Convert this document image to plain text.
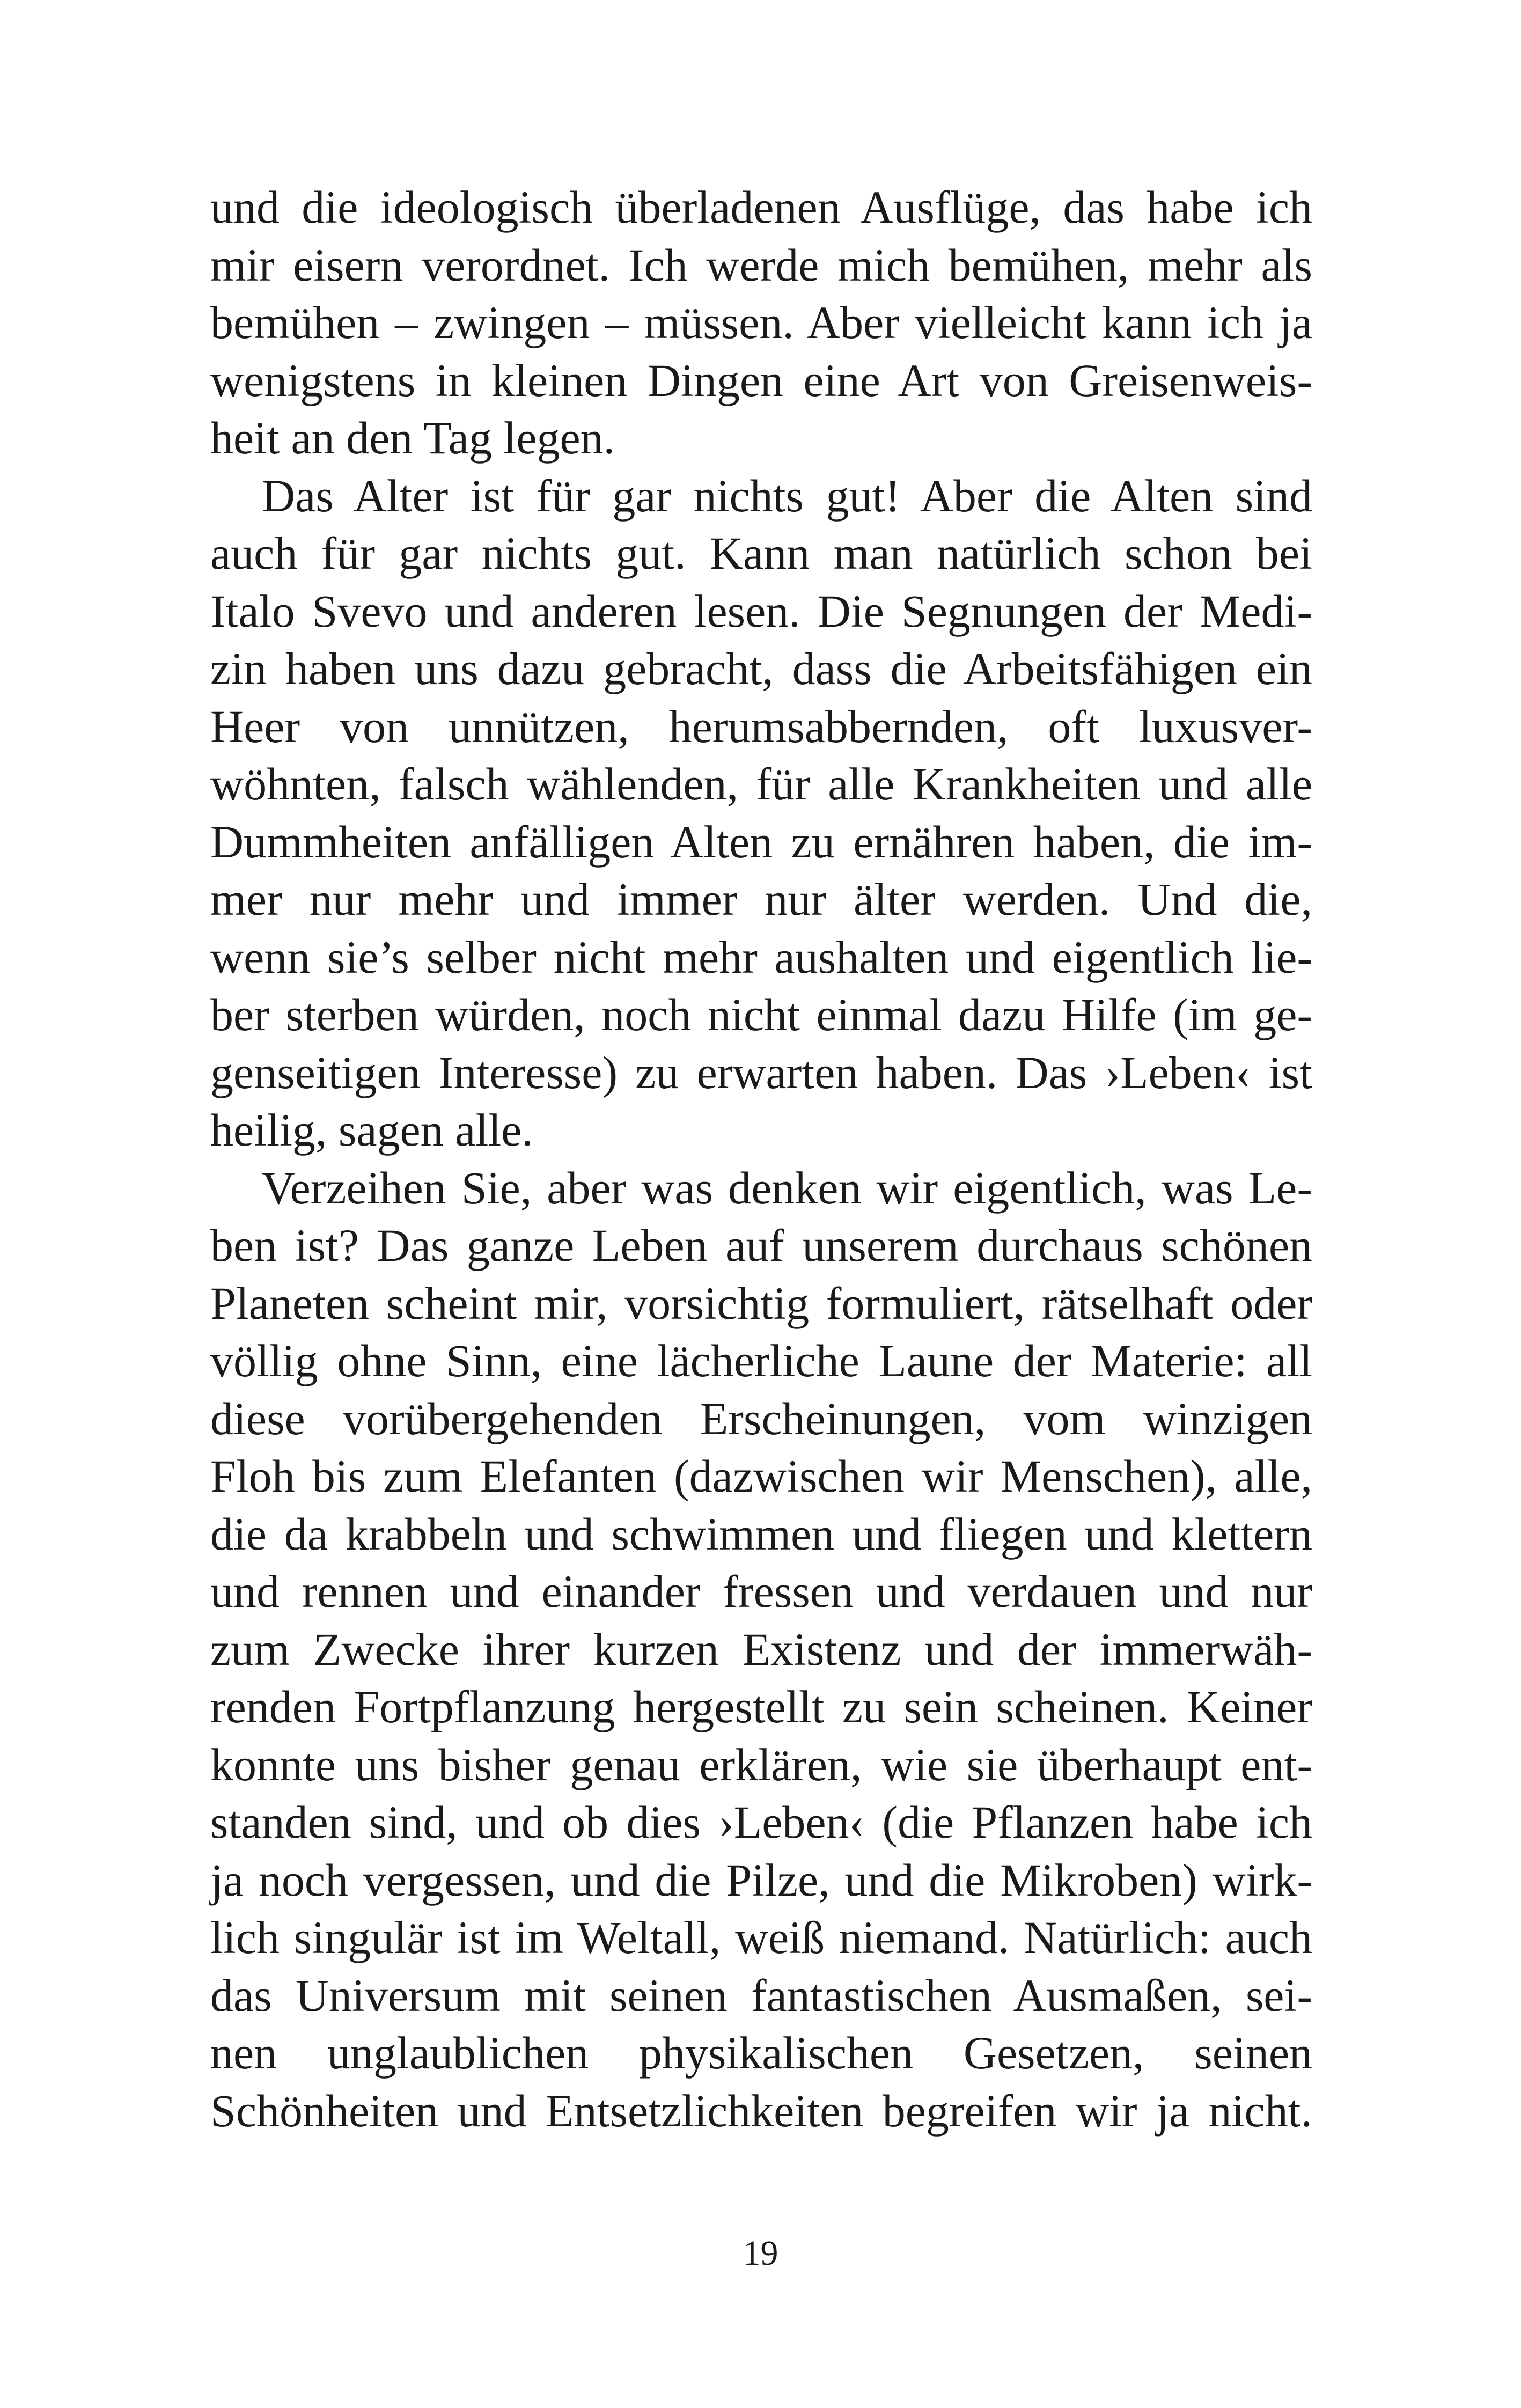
und die ideologisch überladenen Ausflüge, das habe ich
mir eisern verordnet. Ich werde mich bemühen, mehr als
bemühen – zwingen – müssen. Aber vielleicht kann ich ja
wenigstens in kleinen Dingen eine Art von Greisenweis-
heit an den Tag legen.
Das Alter ist für gar nichts gut! Aber die Alten sind
auch für gar nichts gut. Kann man natürlich schon bei
Italo Svevo und anderen lesen. Die Segnungen der Medi-
zin haben uns dazu gebracht, dass die Arbeitsfähigen ein
Heer von unnützen, herumsabbernden, oft luxusver-
wöhnten, falsch wählenden, für alle Krankheiten und alle
Dummheiten anfälligen Alten zu ernähren haben, die im-
mer nur mehr und immer nur älter werden. Und die,
wenn sie’s selber nicht mehr aushalten und eigentlich lie-
ber sterben würden, noch nicht einmal dazu Hilfe (im ge-
genseitigen Interesse) zu erwarten haben. Das ›Leben‹ ist
heilig, sagen alle.
Verzeihen Sie, aber was denken wir eigentlich, was Le-
ben ist? Das ganze Leben auf unserem durchaus schönen
Planeten scheint mir, vorsichtig formuliert, rätselhaft oder
völlig ohne Sinn, eine lächerliche Laune der Materie: all
diese vorübergehenden Erscheinungen, vom winzigen
Floh bis zum Elefanten (dazwischen wir Menschen), alle,
die da krabbeln und schwimmen und fliegen und klettern
und rennen und einander fressen und verdauen und nur
zum Zwecke ihrer kurzen Existenz und der immerwäh-
renden Fortpflanzung hergestellt zu sein scheinen. Keiner
konnte uns bisher genau erklären, wie sie überhaupt ent-
standen sind, und ob dies ›Leben‹ (die Pflanzen habe ich
ja noch vergessen, und die Pilze, und die Mikroben) wirk-
lich singulär ist im Weltall, weiß niemand. Natürlich: auch
das Universum mit seinen fantastischen Ausmaßen, sei-
nen unglaublichen physikalischen Gesetzen, seinen
Schönheiten und Entsetzlichkeiten begreifen wir ja nicht.
19
